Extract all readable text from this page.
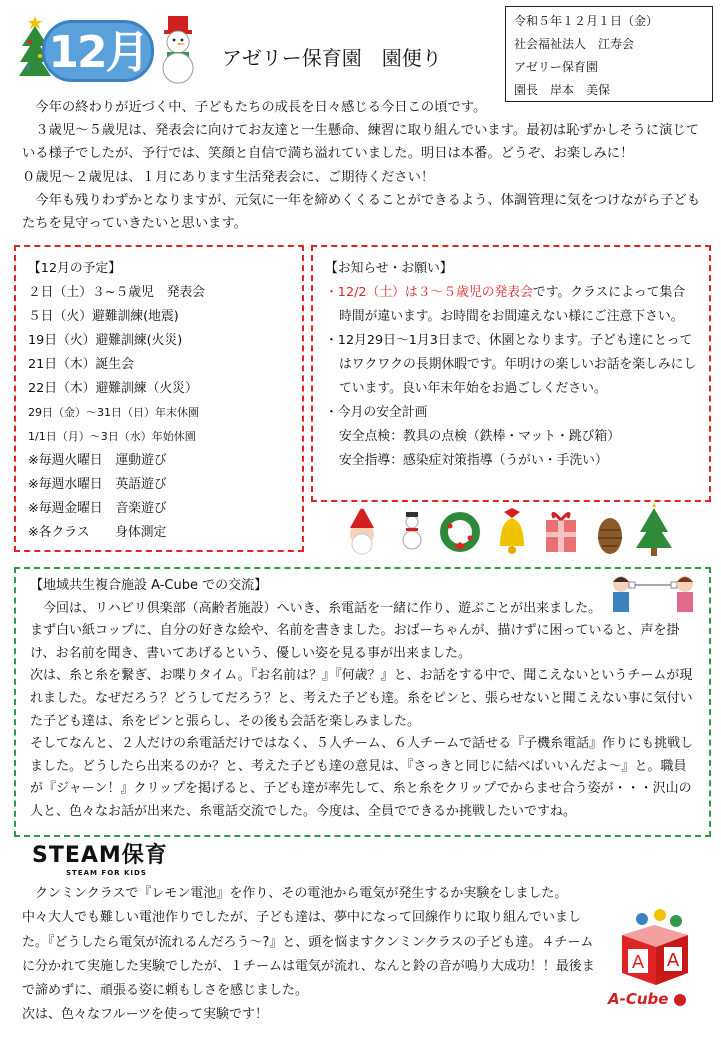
12月	アゼリー保育園　園便り
令和５年１２月１日（金）
社会福祉法人　江寿会
アゼリー保育園
園長　岸本　美保

　今年の終わりが近づく中、子どもたちの成長を日々感じる今日この頃です。

　３歳児～５歳児は、発表会に向けてお友達と一生懸命、練習に取り組んでいます。最初は恥ずかしそうに演じている様子でしたが、予行では、笑顔と自信で満ち溢れていました。明日は本番。どうぞ、お楽しみに！

０歳児～２歳児は、１月にあります生活発表会に、ご期待ください！

　今年も残りわずかとなりますが、元気に一年を締めくくることができるよう、体調管理に気をつけながら子どもたちを見守っていきたいと思います。

【12月の予定】
２日（土）３~５歳児　発表会
５日（火）避難訓練(地震)
19日（火）避難訓練(火災)
21日（木）誕生会
22日（木）避難訓練（火災）
29日（金）～31日（日）年末休園
1/1日（月）～3日（水）年始休園
※毎週火曜日　運動遊び
※毎週水曜日　英語遊び
※毎週金曜日　音楽遊び
※各クラス　　身体測定
【お知らせ・お願い】
・12/2（土）は３～５歳児の発表会です。クラスによって集合時間が違います。お時間をお間違えない様にご注意下さい。
・12月29日～1月3日まで、休園となります。子ども達にとってはワクワクの長期休暇です。年明けの楽しいお話を楽しみにしています。良い年末年始をお過ごしください。
・今月の安全計画
安全点検：教具の点検（鉄棒・マット・跳び箱）
安全指導：感染症対策指導（うがい・手洗い）
【地域共生複合施設 A-Cube での交流】

　今回は、リハビリ倶楽部（高齢者施設）へいき、糸電話を一緒に作り、遊ぶことが出来ました。

まず白い紙コップに、自分の好きな絵や、名前を書きました。おばーちゃんが、描けずに困っていると、声を掛け、お名前を聞き、書いてあげるという、優しい姿を見る事が出来ました。

次は、糸と糸を繋ぎ、お喋りタイム。『お名前は？』『何歳？』と、お話をする中で、聞こえないというチームが現れました。なぜだろう？どうしてだろう？と、考えた子ども達。糸をピンと、張らせないと聞こえない事に気付いた子ども達は、糸をピンと張らし、その後も会話を楽しみました。

そしてなんと、２人だけの糸電話だけではなく、５人チーム、６人チームで話せる『子機糸電話』作りにも挑戦しました。どうしたら出来るのか？と、考えた子ども達の意見は、『さっきと同じに結べばいいんだよ～』と。職員が『ジャーン！』クリップを掲げると、子ども達が率先して、糸と糸をクリップでからませ合う姿が・・・沢山の人と、色々なお話が出来た、糸電話交流でした。今度は、全員でできるか挑戦したいですね。

STEAM保育
STEAM FOR KIDS

　クンミンクラスで『レモン電池』を作り、その電池から電気が発生するか実験をしました。

中々大人でも難しい電池作りでしたが、子ども達は、夢中になって回線作りに取り組んでいました。『どうしたら電気が流れるんだろう～?』と、頭を悩ますクンミンクラスの子ども達。４チームに分かれて実施した実験でしたが、１チームは電気が流れ、なんと鈴の音が鳴り大成功！！最後まで諦めずに、頑張る姿に頼もしさを感じました。

次は、色々なフルーツを使って実験です！

A A
A-Cube
